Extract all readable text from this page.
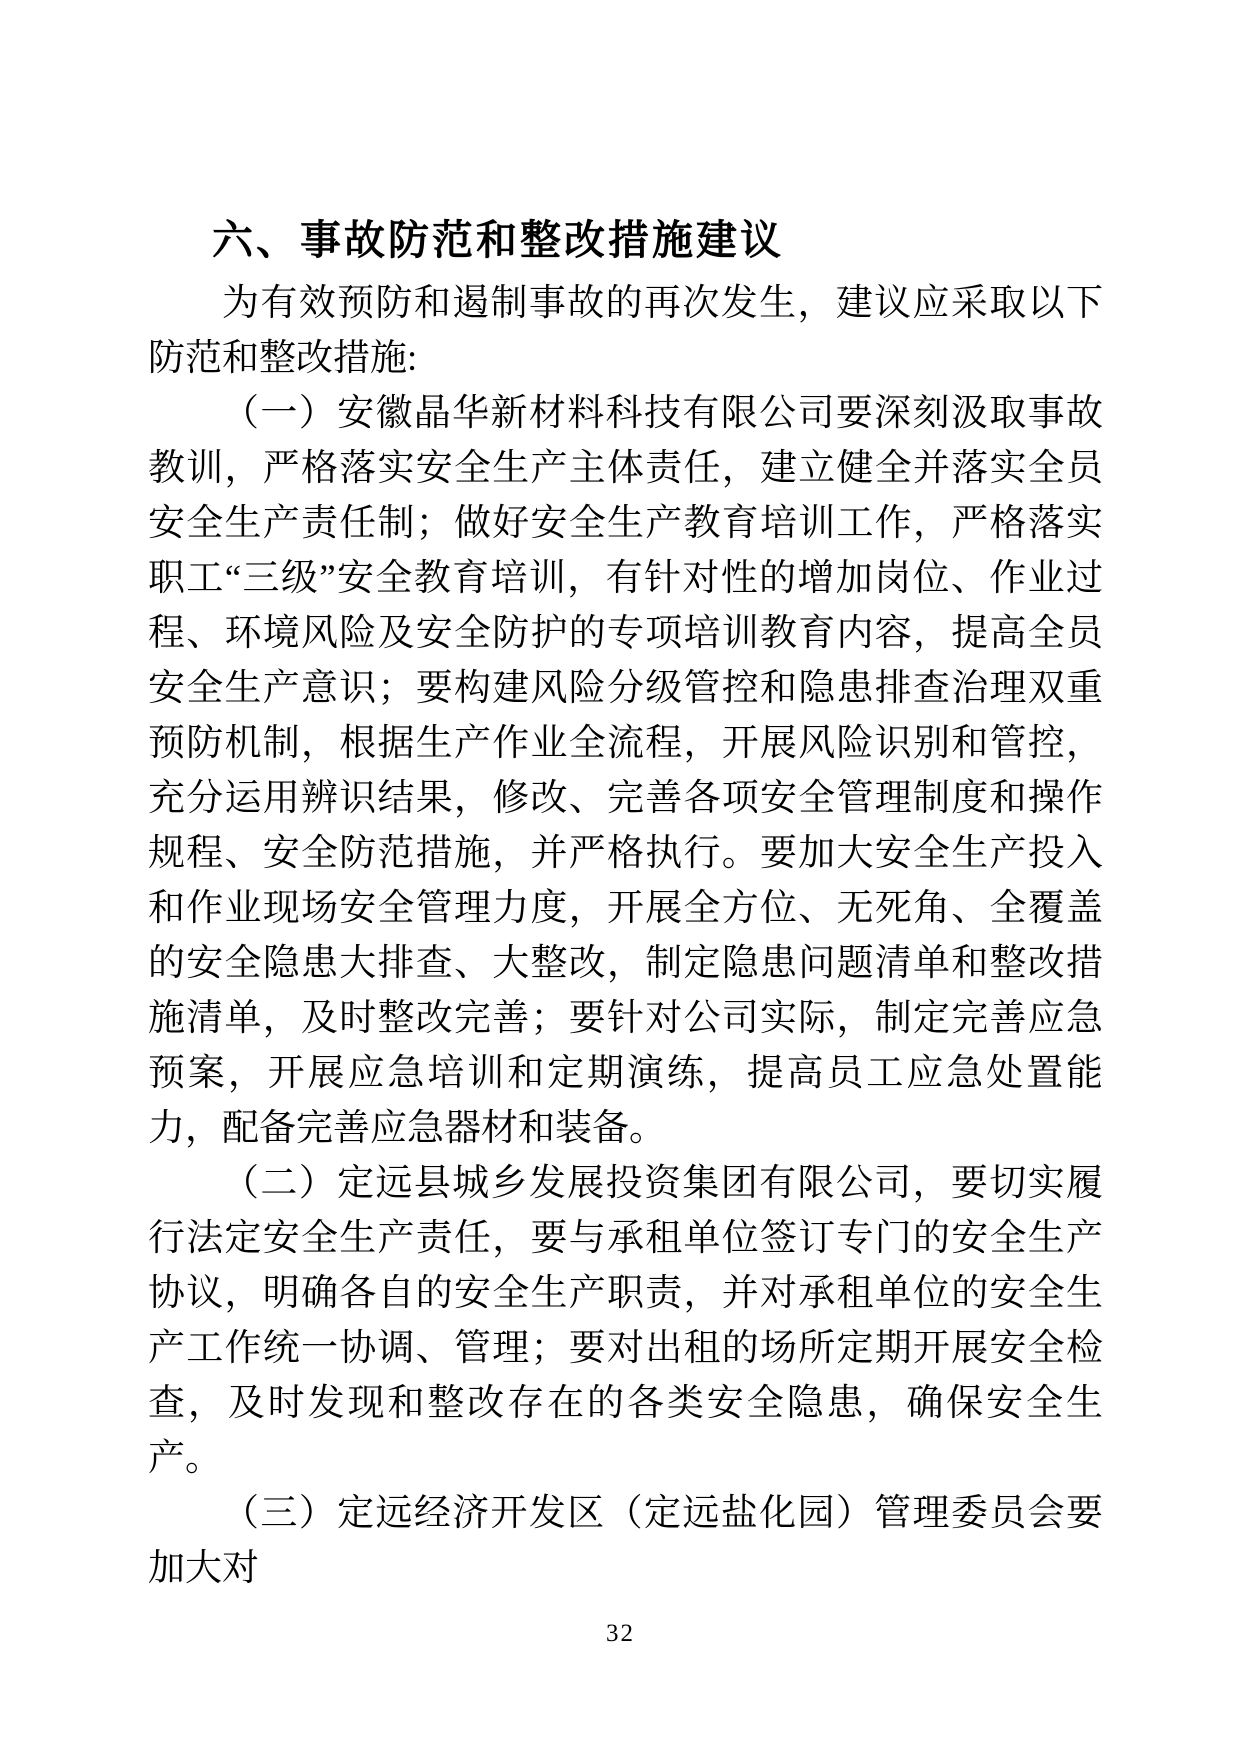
六、事故防范和整改措施建议

为有效预防和遏制事故的再次发生，建议应采取以下防范和整改措施:

（一）安徽晶华新材料科技有限公司要深刻汲取事故教训，严格落实安全生产主体责任，建立健全并落实全员安全生产责任制；做好安全生产教育培训工作，严格落实职工“三级”安全教育培训，有针对性的增加岗位、作业过程、环境风险及安全防护的专项培训教育内容，提高全员安全生产意识；要构建风险分级管控和隐患排查治理双重预防机制，根据生产作业全流程，开展风险识别和管控，充分运用辨识结果，修改、完善各项安全管理制度和操作规程、安全防范措施，并严格执行。要加大安全生产投入和作业现场安全管理力度，开展全方位、无死角、全覆盖的安全隐患大排查、大整改，制定隐患问题清单和整改措施清单，及时整改完善；要针对公司实际，制定完善应急预案，开展应急培训和定期演练，提高员工应急处置能力，配备完善应急器材和装备。

（二）定远县城乡发展投资集团有限公司，要切实履行法定安全生产责任，要与承租单位签订专门的安全生产协议，明确各自的安全生产职责，并对承租单位的安全生产工作统一协调、管理；要对出租的场所定期开展安全检查，及时发现和整改存在的各类安全隐患，确保安全生产。

（三）定远经济开发区（定远盐化园）管理委员会要加大对

32
